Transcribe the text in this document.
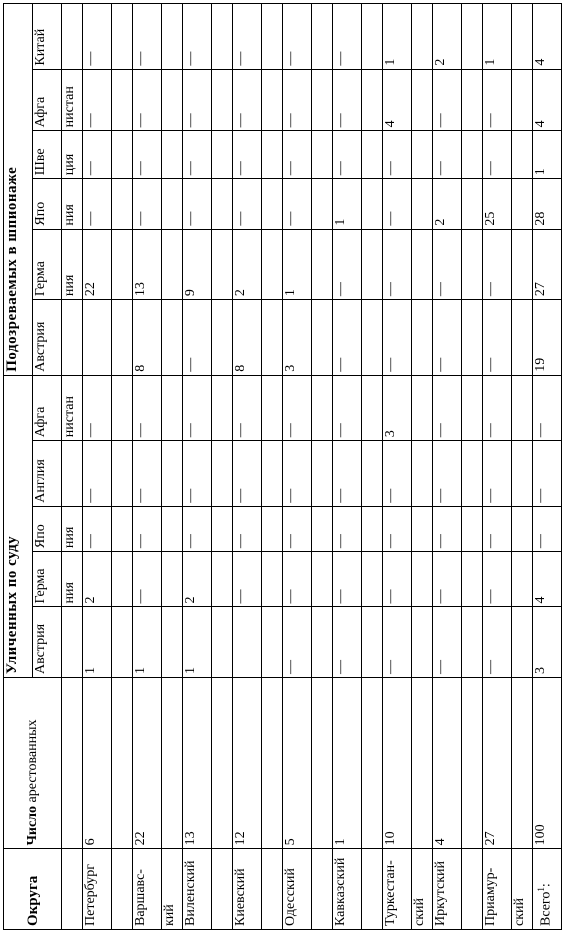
Округа	Число арестованных	Уличенных по суду					Подозреваемых в шпионаже					
		Австрия	Герма	Япо	Англия	Афга	Австрия	Герма	Япо	Шве	Афга	Китай
			ния	ния		нистан		ния	ния	ция	нистан	
Петербург	6	1	2	—	—	—		22	—	—	—	—

Варшавс-	22	1	—	—	—	—	8	13	—	—	—	—
кий												
Виленский	13	1	2	—	—	—	—	9	—	—	—	—

Киевский	12		—	—	—	—	8	2	—	—	—	—

Одесский	5	—	—	—	—	—	3	1	—	—	—	—

Кавказский	1	—	—	—	—	—	—	—	1	—	—	—

Туркестан-	10	—	—	—	—	3	—	—	—	—	4	1
ский												
Иркутский	4	—	—	—	—	—	—	—	2	—	—	2

Приамур-	27	—	—	—	—	—	—	—	25	—	—	1
ский												
Всего$^1$:	100	3	4	—	—	—	19	27	28	1	4	4
